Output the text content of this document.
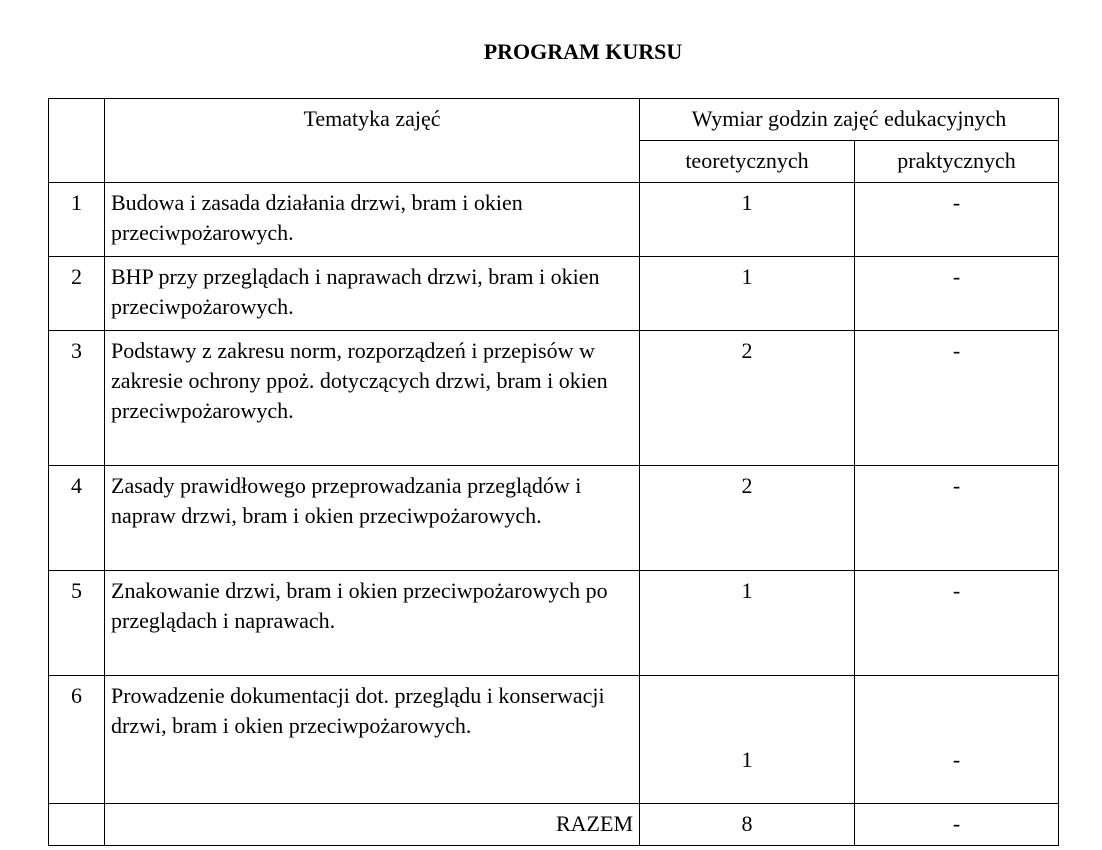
PROGRAM KURSU
	Tematyka zajęć	Wymiar godzin zajęć edukacyjnych	
		teoretycznych	praktycznych
1	Budowa i zasada działania drzwi, bram i okien przeciwpożarowych.	1	-
2	BHP przy przeglądach i naprawach drzwi, bram i okien przeciwpożarowych.	1	-
3	Podstawy z zakresu norm, rozporządzeń i przepisów w zakresie ochrony ppoż. dotyczących drzwi, bram i okien przeciwpożarowych.	2	-
4	Zasady prawidłowego przeprowadzania przeglądów i napraw drzwi, bram i okien przeciwpożarowych.	2	-
5	Znakowanie drzwi, bram i okien przeciwpożarowych po przeglądach i naprawach.	1	-
6	Prowadzenie dokumentacji dot. przeglądu i konserwacji drzwi, bram i okien przeciwpożarowych.	1	-
	RAZEM	8	-
